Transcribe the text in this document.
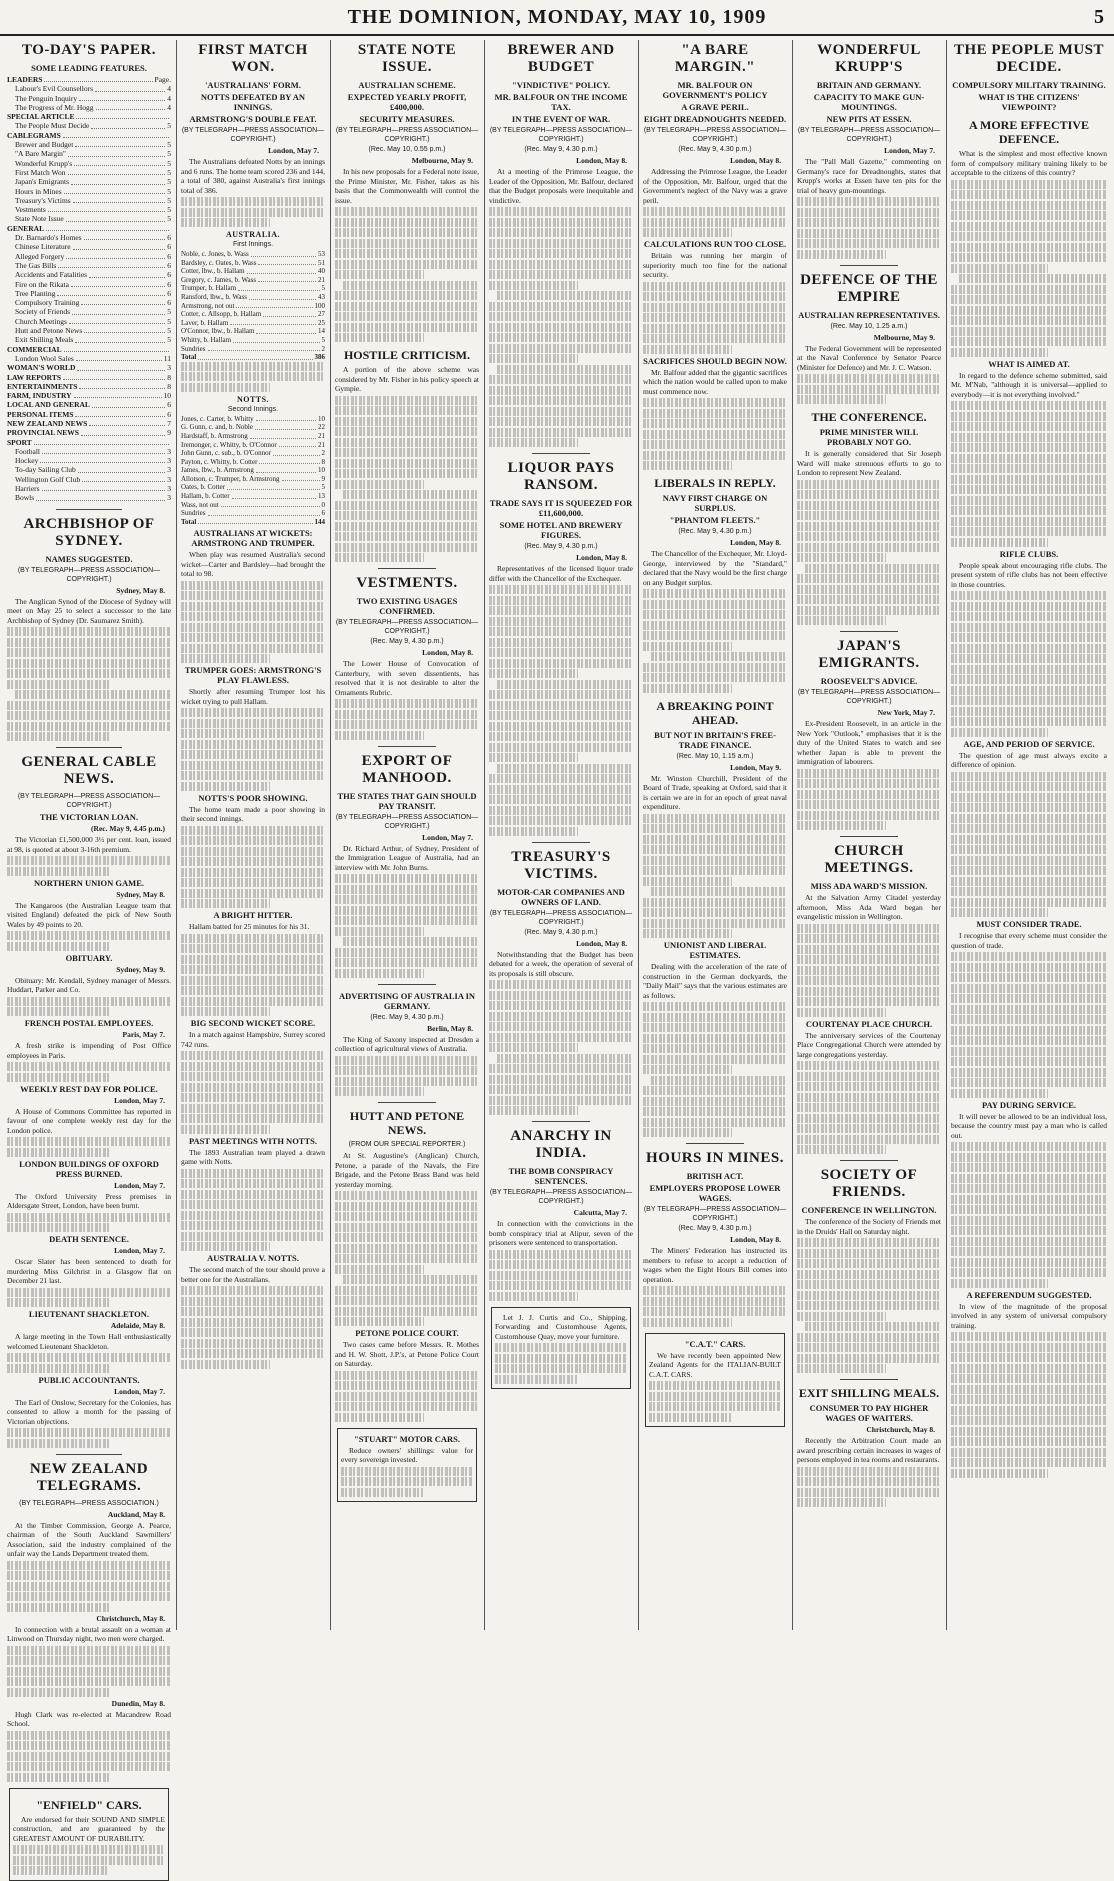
THE DOMINION, MONDAY, MAY 10, 1909	5
TO-DAY'S PAPER.
SOME LEADING FEATURES.
LEADERS	Page.
Labour's Evil Counsellors	4
The Penguin Inquiry	4
The Progress of Mr. Hogg	4
SPECIAL ARTICLE
The People Must Decide	5
CABLEGRAMS
Brewer and Budget	5
"A Bare Margin"	5
Wonderful Krupp's	5
First Match Won	5
Japan's Emigrants	5
Hours in Mines	5
Treasury's Victims	5
Vestments	5
State Note Issue	5
GENERAL
Dr. Barnardo's Homes	6
Chinese Literature	6
Alleged Forgery	6
The Gas Bills	6
Accidents and Fatalities	6
Fire on the Rikata	6
Tree Planting	6
Compulsory Training	6
Society of Friends	5
Church Meetings	5
Hutt and Petone News	5
Exit Shilling Meals	5
COMMERCIAL
London Wool Sales	11
WOMAN'S WORLD	3
LAW REPORTS	8
ENTERTAINMENTS	8
FARM, INDUSTRY	10
LOCAL AND GENERAL	6
PERSONAL ITEMS	6
NEW ZEALAND NEWS	7
PROVINCIAL NEWS	9
SPORT
Football	3
Hockey	3
To-day Sailing Club	3
Wellington Golf Club	3
Harriers	3
Bowls	3
ARCHBISHOP OF SYDNEY.
NAMES SUGGESTED.
(BY TELEGRAPH—PRESS ASSOCIATION—COPYRIGHT.)
Sydney, May 8.

The Anglican Synod of the Diocese of Sydney will meet on May 25 to select a successor to the late Archbishop of Sydney (Dr. Saumarez Smith).

GENERAL CABLE NEWS.
(BY TELEGRAPH—PRESS ASSOCIATION—COPYRIGHT.)
THE VICTORIAN LOAN.
(Rec. May 9, 4.45 p.m.)

The Victorian £1,500,000 3½ per cent. loan, issued at 98, is quoted at about 3-16th premium.

NORTHERN UNION GAME.
Sydney, May 8.

The Kangaroos (the Australian League team that visited England) defeated the pick of New South Wales by 49 points to 20.

OBITUARY.
Sydney, May 9.

Obituary: Mr. Kendall, Sydney manager of Messrs. Huddart, Parker and Co.

FRENCH POSTAL EMPLOYEES.
Paris, May 7.

A fresh strike is impending of Post Office employees in Paris.

WEEKLY REST DAY FOR POLICE.
London, May 7.

A House of Commons Committee has reported in favour of one complete weekly rest day for the London police.

LONDON BUILDINGS OF OXFORD PRESS BURNED.
London, May 7.

The Oxford University Press premises in Aldersgate Street, London, have been burnt.

DEATH SENTENCE.
London, May 7.

Oscar Slater has been sentenced to death for murdering Miss Gilchrist in a Glasgow flat on December 21 last.

LIEUTENANT SHACKLETON.
Adelaide, May 8.

A large meeting in the Town Hall enthusiastically welcomed Lieutenant Shackleton.

PUBLIC ACCOUNTANTS.
London, May 7.

The Earl of Onslow, Secretary for the Colonies, has consented to allow a month for the passing of Victorian objections.

NEW ZEALAND TELEGRAMS.
(BY TELEGRAPH—PRESS ASSOCIATION.)
Auckland, May 8.

At the Timber Commission, George A. Pearce, chairman of the South Auckland Sawmillers' Association, said the industry complained of the unfair way the Lands Department treated them.

Christchurch, May 8.

In connection with a brutal assault on a woman at Linwood on Thursday night, two men were charged.

Dunedin, May 8.

Hugh Clark was re-elected at Macandrew Road School.

"ENFIELD" CARS.

Are endorsed for their SOUND AND SIMPLE construction, and are guaranteed by the GREATEST AMOUNT OF DURABILITY.

FIRST MATCH WON.
'AUSTRALIANS' FORM.
NOTTS DEFEATED BY AN INNINGS.
ARMSTRONG'S DOUBLE FEAT.
(BY TELEGRAPH—PRESS ASSOCIATION—COPYRIGHT.)
London, May 7.

The Australians defeated Notts by an innings and 6 runs. The home team scored 236 and 144, a total of 380, against Australia's first innings total of 386.

AUSTRALIA.
First Innings.
Noble, c. Jones, b. Wass	53
Bardsley, c. Oates, b. Wass	51
Cotter, lbw., b. Hallam	40
Gregory, c. James, b. Wass	21
Trumper, b. Hallam	5
Ransford, lbw., b. Wass	43
Armstrong, not out	100
Cotter, c. Allsopp, b. Hallam	27
Laver, b. Hallam	25
O'Connor, lbw., b. Hallam	14
Whitty, b. Hallam	5
Sundries	2
Total	386
NOTTS.
Second Innings.
Jones, c. Carter, b. Whitty	10
G. Gunn, c. and, b. Noble	22
Hardstaff, b. Armstrong	21
Iremonger, c. Whitty, b. O'Connor	21
John Gunn, c. sub., b. O'Connor	2
Payton, c. Whitty, b. Cotter	8
James, lbw., b. Armstrong	10
Allotson, c. Trumper, b. Armstrong	9
Oates, b. Cotter	5
Hallam, b. Cotter	13
Wass, not out	0
Sundries	6
Total	144
AUSTRALIANS AT WICKETS: ARMSTRONG AND TRUMPER.

When play was resumed Australia's second wicket—Carter and Bardsley—had brought the total to 98.

TRUMPER GOES: ARMSTRONG'S PLAY FLAWLESS.

Shortly after resuming Trumper lost his wicket trying to pull Hallam.

NOTTS'S POOR SHOWING.

The home team made a poor showing in their second innings.

A BRIGHT HITTER.

Hallam batted for 25 minutes for his 31.

BIG SECOND WICKET SCORE.

In a match against Hampshire, Surrey scored 742 runs.

PAST MEETINGS WITH NOTTS.

The 1893 Australian team played a drawn game with Notts.

AUSTRALIA V. NOTTS.

The second match of the tour should prove a better one for the Australians.

STATE NOTE ISSUE.
AUSTRALIAN SCHEME.
EXPECTED YEARLY PROFIT, £400,000.
SECURITY MEASURES.
(BY TELEGRAPH—PRESS ASSOCIATION—COPYRIGHT.)
(Rec. May 10, 0.55 p.m.)
Melbourne, May 9.

In his new proposals for a Federal note issue, the Prime Minister, Mr. Fisher, takes as his basis that the Commonwealth will control the issue.

HOSTILE CRITICISM.

A portion of the above scheme was considered by Mr. Fisher in his policy speech at Gympie.

VESTMENTS.
TWO EXISTING USAGES CONFIRMED.
(BY TELEGRAPH—PRESS ASSOCIATION—COPYRIGHT.)
(Rec. May 9, 4.30 p.m.)
London, May 8.

The Lower House of Convocation of Canterbury, with seven dissentients, has resolved that it is not desirable to alter the Ornaments Rubric.

EXPORT OF MANHOOD.
THE STATES THAT GAIN SHOULD PAY TRANSIT.
(BY TELEGRAPH—PRESS ASSOCIATION—COPYRIGHT.)
London, May 7.

Dr. Richard Arthur, of Sydney, President of the Immigration League of Australia, had an interview with Mr. John Burns.

ADVERTISING OF AUSTRALIA IN GERMANY.
(Rec. May 9, 4.30 p.m.)
Berlin, May 8.

The King of Saxony inspected at Dresden a collection of agricultural views of Australia.

HUTT AND PETONE NEWS.
(FROM OUR SPECIAL REPORTER.)

At St. Augustine's (Anglican) Church, Petone, a parade of the Navals, the Fire Brigade, and the Petone Brass Band was held yesterday morning.

PETONE POLICE COURT.

Two cases came before Messrs. R. Mothes and H. W. Shott, J.P.'s, at Petone Police Court on Saturday.

"STUART" MOTOR CARS.

Reduce owners' shillings: value for every sovereign invested.

BREWER AND BUDGET
"VINDICTIVE" POLICY.
MR. BALFOUR ON THE INCOME TAX.
IN THE EVENT OF WAR.
(BY TELEGRAPH—PRESS ASSOCIATION—COPYRIGHT.)
(Rec. May 9, 4.30 p.m.)
London, May 8.

At a meeting of the Primrose League, the Leader of the Opposition, Mr. Balfour, declared that the Budget proposals were inequitable and vindictive.

LIQUOR PAYS RANSOM.
TRADE SAYS IT IS SQUEEZED FOR £11,600,000.
SOME HOTEL AND BREWERY FIGURES.
(Rec. May 9, 4.30 p.m.)
London, May 8.

Representatives of the licensed liquor trade differ with the Chancellor of the Exchequer.

TREASURY'S VICTIMS.
MOTOR-CAR COMPANIES AND OWNERS OF LAND.
(BY TELEGRAPH—PRESS ASSOCIATION—COPYRIGHT.)
(Rec. May 9, 4.30 p.m.)
London, May 8.

Notwithstanding that the Budget has been debated for a week, the operation of several of its proposals is still obscure.

ANARCHY IN INDIA.
THE BOMB CONSPIRACY SENTENCES.
(BY TELEGRAPH—PRESS ASSOCIATION—COPYRIGHT.)
Calcutta, May 7.

In connection with the convictions in the bomb conspiracy trial at Alipur, seven of the prisoners were sentenced to transportation.

Let J. J. Curtis and Co., Shipping, Forwarding and Customhouse Agents, Customhouse Quay, move your furniture.

"A BARE MARGIN."
MR. BALFOUR ON GOVERNMENT'S POLICY
A GRAVE PERIL.
EIGHT DREADNOUGHTS NEEDED.
(BY TELEGRAPH—PRESS ASSOCIATION—COPYRIGHT.)
(Rec. May 9, 4.30 p.m.)
London, May 8.

Addressing the Primrose League, the Leader of the Opposition, Mr. Balfour, urged that the Government's neglect of the Navy was a grave peril.

CALCULATIONS RUN TOO CLOSE.

Britain was running her margin of superiority much too fine for the national security.

SACRIFICES SHOULD BEGIN NOW.

Mr. Balfour added that the gigantic sacrifices which the nation would be called upon to make must commence now.

LIBERALS IN REPLY.
NAVY FIRST CHARGE ON SURPLUS.
"PHANTOM FLEETS."
(Rec. May 9, 4.30 p.m.)
London, May 8.

The Chancellor of the Exchequer, Mr. Lloyd-George, interviewed by the "Standard," declared that the Navy would be the first charge on any Budget surplus.

A BREAKING POINT AHEAD.
BUT NOT IN BRITAIN'S FREE-TRADE FINANCE.
(Rec. May 10, 1.15 a.m.)
London, May 9.

Mr. Winston Churchill, President of the Board of Trade, speaking at Oxford, said that it is certain we are in for an epoch of great naval expenditure.

UNIONIST AND LIBERAL ESTIMATES.

Dealing with the acceleration of the rate of construction in the German dockyards, the "Daily Mail" says that the various estimates are as follows.

HOURS IN MINES.
BRITISH ACT.
EMPLOYERS PROPOSE LOWER WAGES.
(BY TELEGRAPH—PRESS ASSOCIATION—COPYRIGHT.)
(Rec. May 9, 4.30 p.m.)
London, May 8.

The Miners' Federation has instructed its members to refuse to accept a reduction of wages when the Eight Hours Bill comes into operation.

"C.A.T." CARS.

We have recently been appointed New Zealand Agents for the ITALIAN-BUILT C.A.T. CARS.

WONDERFUL KRUPP'S
BRITAIN AND GERMANY.
CAPACITY TO MAKE GUN-MOUNTINGS.
NEW PITS AT ESSEN.
(BY TELEGRAPH—PRESS ASSOCIATION—COPYRIGHT.)
London, May 7.

The "Pall Mall Gazette," commenting on Germany's race for Dreadnoughts, states that Krupp's works at Essen have ten pits for the trial of heavy gun-mountings.

DEFENCE OF THE EMPIRE
AUSTRALIAN REPRESENTATIVES.
(Rec. May 10, 1.25 a.m.)
Melbourne, May 9.

The Federal Government will be represented at the Naval Conference by Senator Pearce (Minister for Defence) and Mr. J. C. Watson.

THE CONFERENCE.
PRIME MINISTER WILL PROBABLY NOT GO.

It is generally considered that Sir Joseph Ward will make strenuous efforts to go to London to represent New Zealand.

JAPAN'S EMIGRANTS.
ROOSEVELT'S ADVICE.
(BY TELEGRAPH—PRESS ASSOCIATION—COPYRIGHT.)
New York, May 7.

Ex-President Roosevelt, in an article in the New York "Outlook," emphasises that it is the duty of the United States to watch and see whether Japan is able to prevent the immigration of labourers.

CHURCH MEETINGS.
MISS ADA WARD'S MISSION.

At the Salvation Army Citadel yesterday afternoon, Miss Ada Ward began her evangelistic mission in Wellington.

COURTENAY PLACE CHURCH.

The anniversary services of the Courtenay Place Congregational Church were attended by large congregations yesterday.

SOCIETY OF FRIENDS.
CONFERENCE IN WELLINGTON.

The conference of the Society of Friends met in the Druids' Hall on Saturday night.

EXIT SHILLING MEALS.
CONSUMER TO PAY HIGHER WAGES OF WAITERS.
Christchurch, May 8.

Recently the Arbitration Court made an award prescribing certain increases in wages of persons employed in tea rooms and restaurants.

THE PEOPLE MUST DECIDE.
COMPULSORY MILITARY TRAINING.
WHAT IS THE CITIZENS' VIEWPOINT?
A MORE EFFECTIVE DEFENCE.

What is the simplest and most effective known form of compulsory military training likely to be acceptable to the citizens of this country?

WHAT IS AIMED AT.

In regard to the defence scheme submitted, said Mr. M'Nab, "although it is universal—applied to everybody—it is not everything involved."

RIFLE CLUBS.

People speak about encouraging rifle clubs. The present system of rifle clubs has not been effective in those countries.

AGE, AND PERIOD OF SERVICE.

The question of age must always excite a difference of opinion.

MUST CONSIDER TRADE.

I recognise that every scheme must consider the question of trade.

PAY DURING SERVICE.

It will never be allowed to be an individual loss, because the country must pay a man who is called out.

A REFERENDUM SUGGESTED.

In view of the magnitude of the proposal involved in any system of universal compulsory training.
